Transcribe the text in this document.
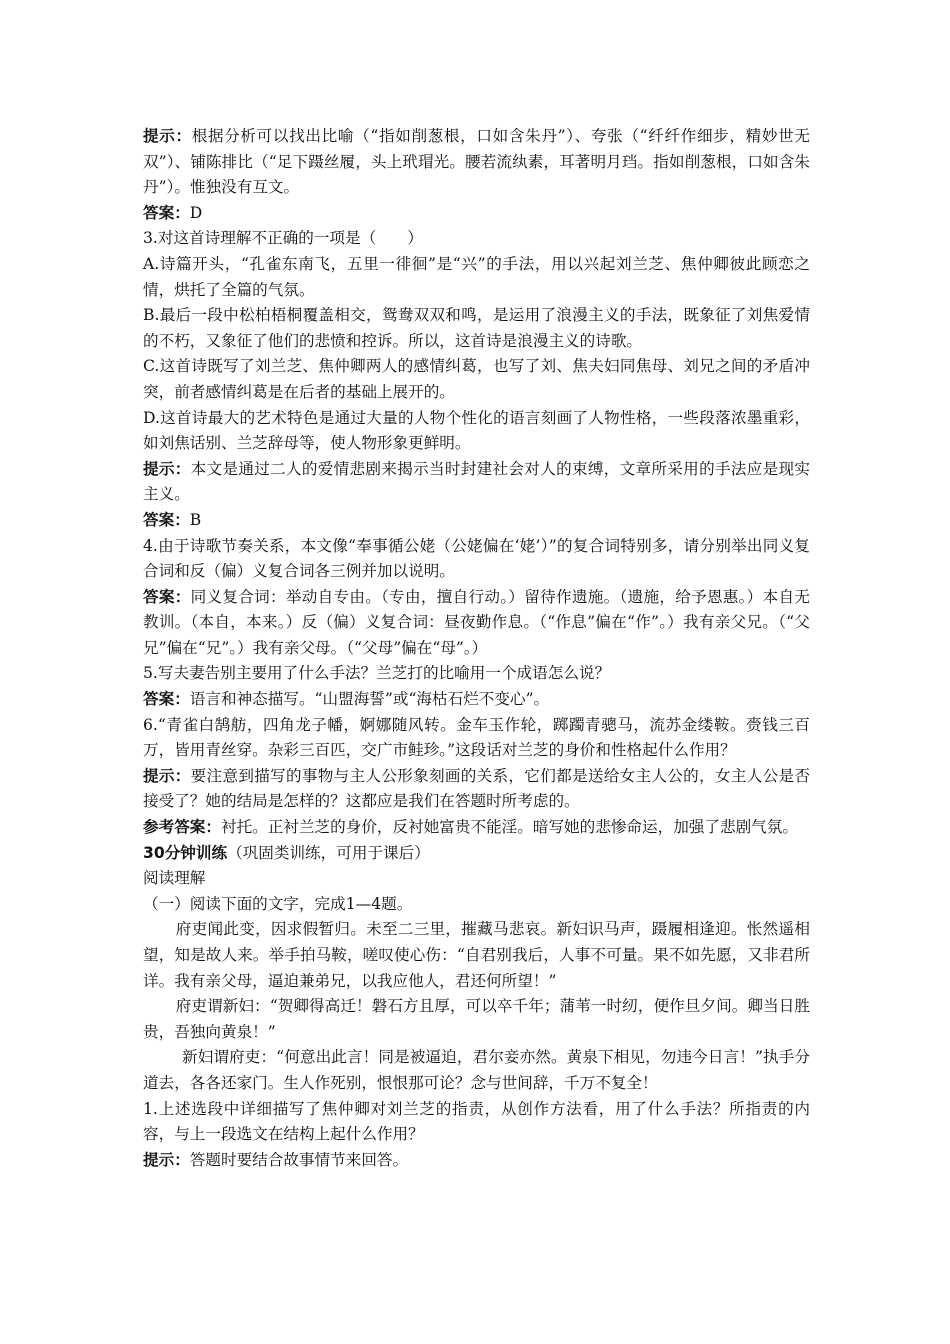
提示：根据分析可以找出比喻（“指如削葱根，口如含朱丹”）、夸张（“纤纤作细步，精妙世无双”）、铺陈排比（“足下蹑丝履，头上玳瑁光。腰若流纨素，耳著明月珰。指如削葱根，口如含朱丹”）。惟独没有互文。

答案：D

3.对这首诗理解不正确的一项是（　　）

A.诗篇开头，“孔雀东南飞，五里一徘徊”是“兴”的手法，用以兴起刘兰芝、焦仲卿彼此顾恋之情，烘托了全篇的气氛。

B.最后一段中松柏梧桐覆盖相交，鸳鸯双双和鸣，是运用了浪漫主义的手法，既象征了刘焦爱情的不朽，又象征了他们的悲愤和控诉。所以，这首诗是浪漫主义的诗歌。

C.这首诗既写了刘兰芝、焦仲卿两人的感情纠葛，也写了刘、焦夫妇同焦母、刘兄之间的矛盾冲突，前者感情纠葛是在后者的基础上展开的。

D.这首诗最大的艺术特色是通过大量的人物个性化的语言刻画了人物性格，一些段落浓墨重彩，如刘焦话别、兰芝辞母等，使人物形象更鲜明。

提示：本文是通过二人的爱情悲剧来揭示当时封建社会对人的束缚，文章所采用的手法应是现实主义。

答案：B

4.由于诗歌节奏关系，本文像“奉事循公姥（公姥偏在‘姥’）”的复合词特别多，请分别举出同义复合词和反（偏）义复合词各三例并加以说明。

答案：同义复合词：举动自专由。（专由，擅自行动。）留待作遗施。（遗施，给予恩惠。）本自无教训。（本自，本来。）反（偏）义复合词：昼夜勤作息。（“作息”偏在“作”。）我有亲父兄。（“父兄”偏在“兄”。）我有亲父母。（“父母”偏在“母”。）

5.写夫妻告别主要用了什么手法？兰芝打的比喻用一个成语怎么说？

答案：语言和神态描写。“山盟海誓”或“海枯石烂不变心”。

6.“青雀白鹄舫，四角龙子幡，婀娜随风转。金车玉作轮，踯躅青骢马，流苏金缕鞍。赍钱三百万，皆用青丝穿。杂彩三百匹，交广市鲑珍。”这段话对兰芝的身价和性格起什么作用？

提示：要注意到描写的事物与主人公形象刻画的关系，它们都是送给女主人公的，女主人公是否接受了？她的结局是怎样的？这都应是我们在答题时所考虑的。

参考答案：衬托。正衬兰芝的身价，反衬她富贵不能淫。暗写她的悲惨命运，加强了悲剧气氛。

30分钟训练（巩固类训练，可用于课后）

阅读理解

（一）阅读下面的文字，完成1—4题。

府吏闻此变，因求假暂归。未至二三里，摧藏马悲哀。新妇识马声，蹑履相逢迎。怅然遥相望，知是故人来。举手拍马鞍，嗟叹使心伤：“自君别我后，人事不可量。果不如先愿，又非君所详。我有亲父母，逼迫兼弟兄，以我应他人，君还何所望！”

府吏谓新妇：“贺卿得高迁！磐石方且厚，可以卒千年；蒲苇一时纫，便作旦夕间。卿当日胜贵，吾独向黄泉！”

新妇谓府吏：“何意出此言！同是被逼迫，君尔妾亦然。黄泉下相见，勿违今日言！”执手分道去，各各还家门。生人作死别，恨恨那可论？念与世间辞，千万不复全！

1.上述选段中详细描写了焦仲卿对刘兰芝的指责，从创作方法看，用了什么手法？所指责的内容，与上一段选文在结构上起什么作用？

提示：答题时要结合故事情节来回答。
